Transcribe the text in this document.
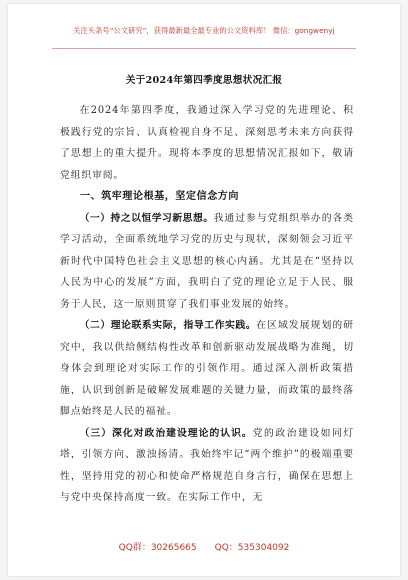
关注头条号“公文研究”，获得最新最全最专业的公文资料库！ 微信：gongwenyj
关于2024年第四季度思想状况汇报

在2024年第四季度，我通过深入学习党的先进理论、积极践行党的宗旨、认真检视自身不足、深刻思考未来方向获得了思想上的重大提升。现将本季度的思想情况汇报如下，敬请党组织审阅。

一、筑牢理论根基，坚定信念方向

（一）持之以恒学习新思想。我通过参与党组织举办的各类学习活动，全面系统地学习党的历史与现状，深刻领会习近平新时代中国特色社会主义思想的核心内涵。尤其是在“坚持以人民为中心的发展”方面，我明白了党的理论立足于人民、服务于人民，这一原则贯穿了我们事业发展的始终。

（二）理论联系实际，指导工作实践。在区域发展规划的研究中，我以供给侧结构性改革和创新驱动发展战略为准绳，切身体会到理论对实际工作的引领作用。通过深入剖析政策措施，认识到创新是破解发展难题的关键力量，而政策的最终落脚点始终是人民的福祉。

（三）深化对政治建设理论的认识。党的政治建设如同灯塔，引领方向、激浊扬清。我始终牢记“两个维护”的极端重要性，坚持用党的初心和使命严格规范自身言行，确保在思想上与党中央保持高度一致。在实际工作中，无

QQ群：30265665 QQ：535304092
